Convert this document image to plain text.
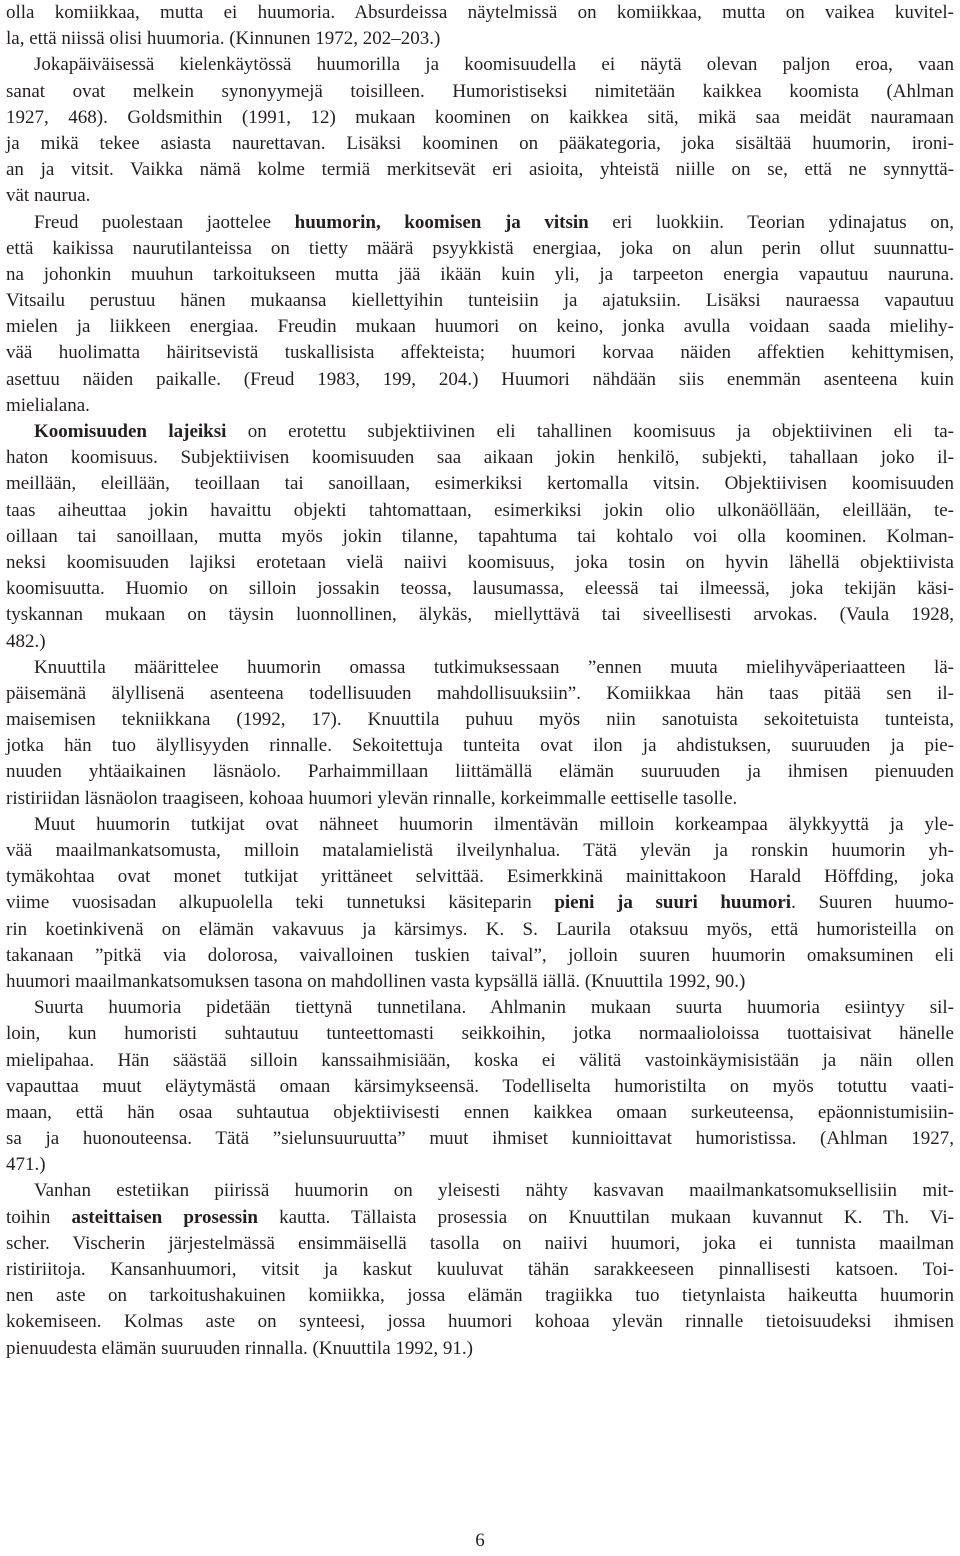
olla komiikkaa, mutta ei huumoria. Absurdeissa näytelmissä on komiikkaa, mutta on vaikea kuvitel-
la, että niissä olisi huumoria. (Kinnunen 1972, 202–203.)
Jokapäiväisessä kielenkäytössä huumorilla ja koomisuudella ei näytä olevan paljon eroa, vaan
sanat ovat melkein synonyymejä toisilleen. Humoristiseksi nimitetään kaikkea koomista (Ahlman
1927, 468). Goldsmithin (1991, 12) mukaan koominen on kaikkea sitä, mikä saa meidät nauramaan
ja mikä tekee asiasta naurettavan. Lisäksi koominen on pääkategoria, joka sisältää huumorin, ironi-
an ja vitsit. Vaikka nämä kolme termiä merkitsevät eri asioita, yhteistä niille on se, että ne synnyttä-
vät naurua.
Freud puolestaan jaottelee huumorin, koomisen ja vitsin eri luokkiin. Teorian ydinajatus on,
että kaikissa naurutilanteissa on tietty määrä psyykkistä energiaa, joka on alun perin ollut suunnattu-
na johonkin muuhun tarkoitukseen mutta jää ikään kuin yli, ja tarpeeton energia vapautuu nauruna.
Vitsailu perustuu hänen mukaansa kiellettyihin tunteisiin ja ajatuksiin. Lisäksi nauraessa vapautuu
mielen ja liikkeen energiaa. Freudin mukaan huumori on keino, jonka avulla voidaan saada mielihy-
vää huolimatta häiritsevistä tuskallisista affekteista; huumori korvaa näiden affektien kehittymisen,
asettuu näiden paikalle. (Freud 1983, 199, 204.) Huumori nähdään siis enemmän asenteena kuin
mielialana.
Koomisuuden lajeiksi on erotettu subjektiivinen eli tahallinen koomisuus ja objektiivinen eli ta-
haton koomisuus. Subjektiivisen koomisuuden saa aikaan jokin henkilö, subjekti, tahallaan joko il-
meillään, eleillään, teoillaan tai sanoillaan, esimerkiksi kertomalla vitsin. Objektiivisen koomisuuden
taas aiheuttaa jokin havaittu objekti tahtomattaan, esimerkiksi jokin olio ulkonäöllään, eleillään, te-
oillaan tai sanoillaan, mutta myös jokin tilanne, tapahtuma tai kohtalo voi olla koominen. Kolman-
neksi koomisuuden lajiksi erotetaan vielä naiivi koomisuus, joka tosin on hyvin lähellä objektiivista
koomisuutta. Huomio on silloin jossakin teossa, lausumassa, eleessä tai ilmeessä, joka tekijän käsi-
tyskannan mukaan on täysin luonnollinen, älykäs, miellyttävä tai siveellisesti arvokas. (Vaula 1928,
482.)
Knuuttila määrittelee huumorin omassa tutkimuksessaan ”ennen muuta mielihyväperiaatteen lä-
päisemänä älyllisenä asenteena todellisuuden mahdollisuuksiin”. Komiikkaa hän taas pitää sen il-
maisemisen tekniikkana (1992, 17). Knuuttila puhuu myös niin sanotuista sekoitetuista tunteista,
jotka hän tuo älyllisyyden rinnalle. Sekoitettuja tunteita ovat ilon ja ahdistuksen, suuruuden ja pie-
nuuden yhtäaikainen läsnäolo. Parhaimmillaan liittämällä elämän suuruuden ja ihmisen pienuuden
ristiriidan läsnäolon traagiseen, kohoaa huumori ylevän rinnalle, korkeimmalle eettiselle tasolle.
Muut huumorin tutkijat ovat nähneet huumorin ilmentävän milloin korkeampaa älykkyyttä ja yle-
vää maailmankatsomusta, milloin matalamielistä ilveilynhalua. Tätä ylevän ja ronskin huumorin yh-
tymäkohtaa ovat monet tutkijat yrittäneet selvittää. Esimerkkinä mainittakoon Harald Höffding, joka
viime vuosisadan alkupuolella teki tunnetuksi käsiteparin pieni ja suuri huumori. Suuren huumo-
rin koetinkivenä on elämän vakavuus ja kärsimys. K. S. Laurila otaksuu myös, että humoristeilla on
takanaan ”pitkä via dolorosa, vaivalloinen tuskien taival”, jolloin suuren huumorin omaksuminen eli
huumori maailmankatsomuksen tasona on mahdollinen vasta kypsällä iällä. (Knuuttila 1992, 90.)
Suurta huumoria pidetään tiettynä tunnetilana. Ahlmanin mukaan suurta huumoria esiintyy sil-
loin, kun humoristi suhtautuu tunteettomasti seikkoihin, jotka normaalioloissa tuottaisivat hänelle
mielipahaa. Hän säästää silloin kanssaihmisiään, koska ei välitä vastoinkäymisistään ja näin ollen
vapauttaa muut eläytymästä omaan kärsimykseensä. Todelliselta humoristilta on myös totuttu vaati-
maan, että hän osaa suhtautua objektiivisesti ennen kaikkea omaan surkeuteensa, epäonnistumisiin-
sa ja huonouteensa. Tätä ”sielunsuuruutta” muut ihmiset kunnioittavat humoristissa. (Ahlman 1927,
471.)
Vanhan estetiikan piirissä huumorin on yleisesti nähty kasvavan maailmankatsomuksellisiin mit-
toihin asteittaisen prosessin kautta. Tällaista prosessia on Knuuttilan mukaan kuvannut K. Th. Vi-
scher. Vischerin järjestelmässä ensimmäisellä tasolla on naiivi huumori, joka ei tunnista maailman
ristiriitoja. Kansanhuumori, vitsit ja kaskut kuuluvat tähän sarakkeeseen pinnallisesti katsoen. Toi-
nen aste on tarkoitushakuinen komiikka, jossa elämän tragiikka tuo tietynlaista haikeutta huumorin
kokemiseen. Kolmas aste on synteesi, jossa huumori kohoaa ylevän rinnalle tietoisuudeksi ihmisen
pienuudesta elämän suuruuden rinnalla. (Knuuttila 1992, 91.)
6
